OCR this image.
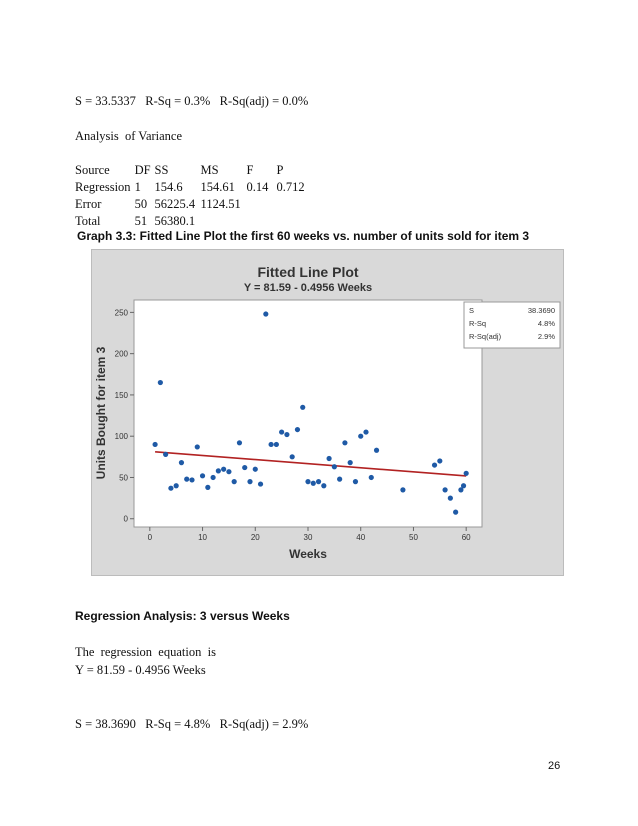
S = 33.5337   R-Sq = 0.3%   R-Sq(adj) = 0.0%
Analysis  of Variance
Source	DF	SS	MS	F	P
Regression	1	154.6	154.61	0.14	0.712
Error	50	56225.4	1124.51		
Total	51	56380.1			
Graph 3.3: Fitted Line Plot the first 60 weeks vs. number of units sold for item 3
Fitted Line Plot
Y = 81.59 - 0.4956 Weeks
Weeks
Units Bought for item 3
S	38.3690
R-Sq	4.8%
R-Sq(adj)	2.9%
0	10	20	30	40	50	60
0
50
100
150
200
250
Regression Analysis: 3 versus Weeks
The  regression  equation  is
Y = 81.59 - 0.4956 Weeks
S = 38.3690   R-Sq = 4.8%   R-Sq(adj) = 2.9%
26
